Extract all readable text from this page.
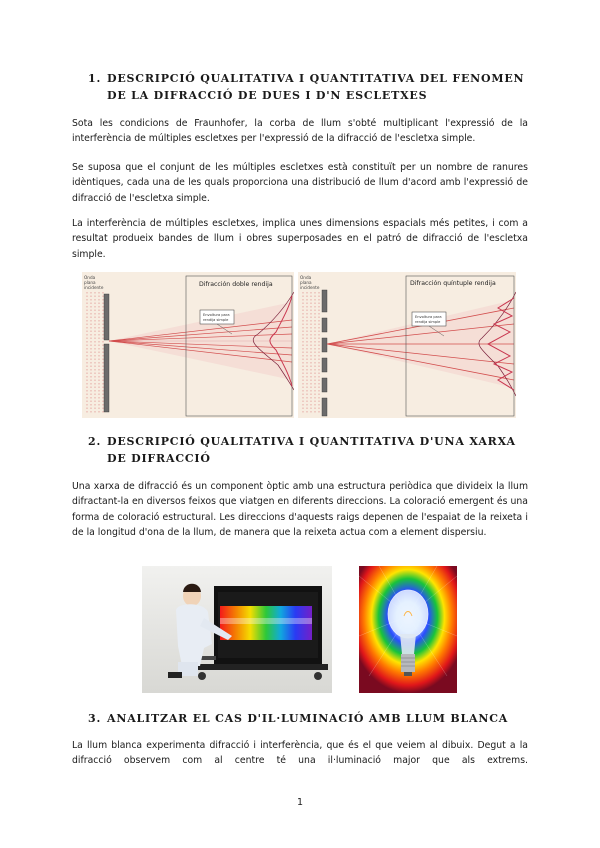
1. DESCRIPCIÓ QUALITATIVA I QUANTITATIVA DEL FENOMEN DE LA DIFRACCIÓ DE DUES I D'N ESCLETXES

Sota les condicions de Fraunhofer, la corba de llum s'obté multiplicant l'expressió de la interferència de múltiples escletxes per l'expressió de la difracció de l'escletxa simple.

Se suposa que el conjunt de les múltiples escletxes està constituït per un nombre de ranures idèntiques, cada una de les quals proporciona una distribució de llum d'acord amb l'expressió de difracció de l'escletxa simple.

La interferència de múltiples escletxes, implica unes dimensions espacials més petites, i com a resultat produeix bandes de llum i obres superposades en el patró de difracció de l'escletxa simple.

Onda
plana
incidente	Difracción doble rendija
Envoltura para
rendija simple
Onda
plana
incidente
Difracción quíntuple rendija
Envoltura para
rendija simple
2. DESCRIPCIÓ QUALITATIVA I QUANTITATIVA D'UNA XARXA DE DIFRACCIÓ

Una xarxa de difracció és un component òptic amb una estructura periòdica que divideix la llum difractant-la en diversos feixos que viatgen en diferents direccions. La coloració emergent és una forma de coloració estructural. Les direccions d'aquests raigs depenen de l'espaiat de la reixeta i de la longitud d'ona de la llum, de manera que la reixeta actua com a element dispersiu.

3. ANALITZAR EL CAS D'IL·LUMINACIÓ AMB LLUM BLANCA

La llum blanca experimenta difracció i interferència, que és el que veiem al dibuix. Degut a la difracció observem com al centre té una il·luminació major que als extrems.

1
